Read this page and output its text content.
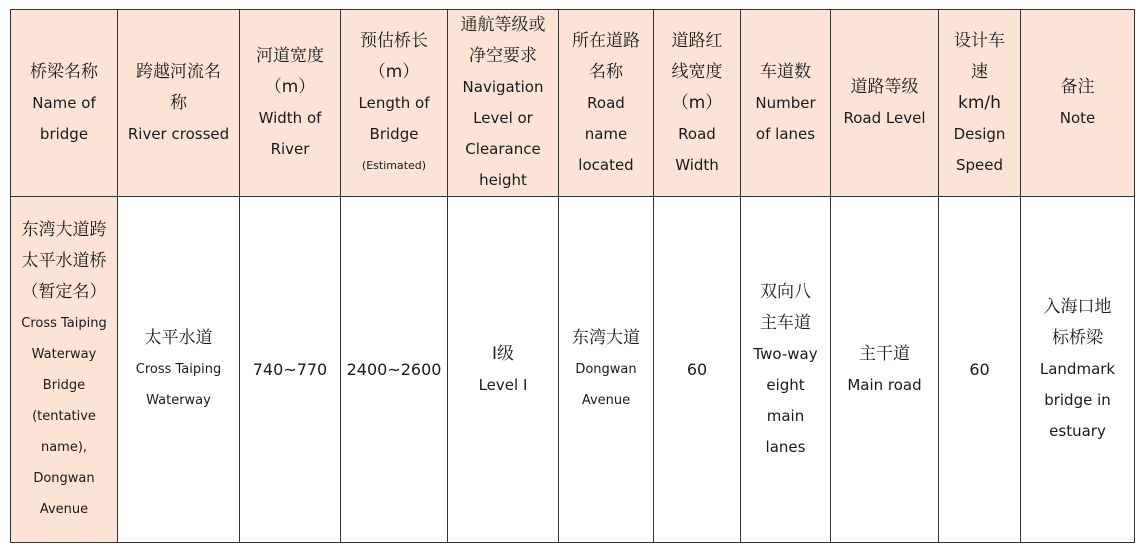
桥梁名称
Name of
bridge	跨越河流名称
River crossed	河道宽度（m）
Width of
River	预估桥长（m）
Length of
Bridge
(Estimated)	通航等级或净空要求
Navigation
Level or
Clearance
height	所在道路名称
Road
name
located	道路红线宽度（m）
Road
Width	车道数
Number
of lanes	道路等级
Road Level	设计车速 km/h
Design
Speed	备注
Note

东湾大道跨太平水道桥（暂定名）
Cross Taiping Waterway Bridge (tentative name), Dongwan Avenue	太平水道
Cross Taiping Waterway	740~770	2400~2600	Ⅰ级
Level I	东湾大道
Dongwan Avenue	60	双向八主车道
Two-way eight main lanes	主干道
Main road	60	入海口地标桥梁
Landmark bridge in estuary
